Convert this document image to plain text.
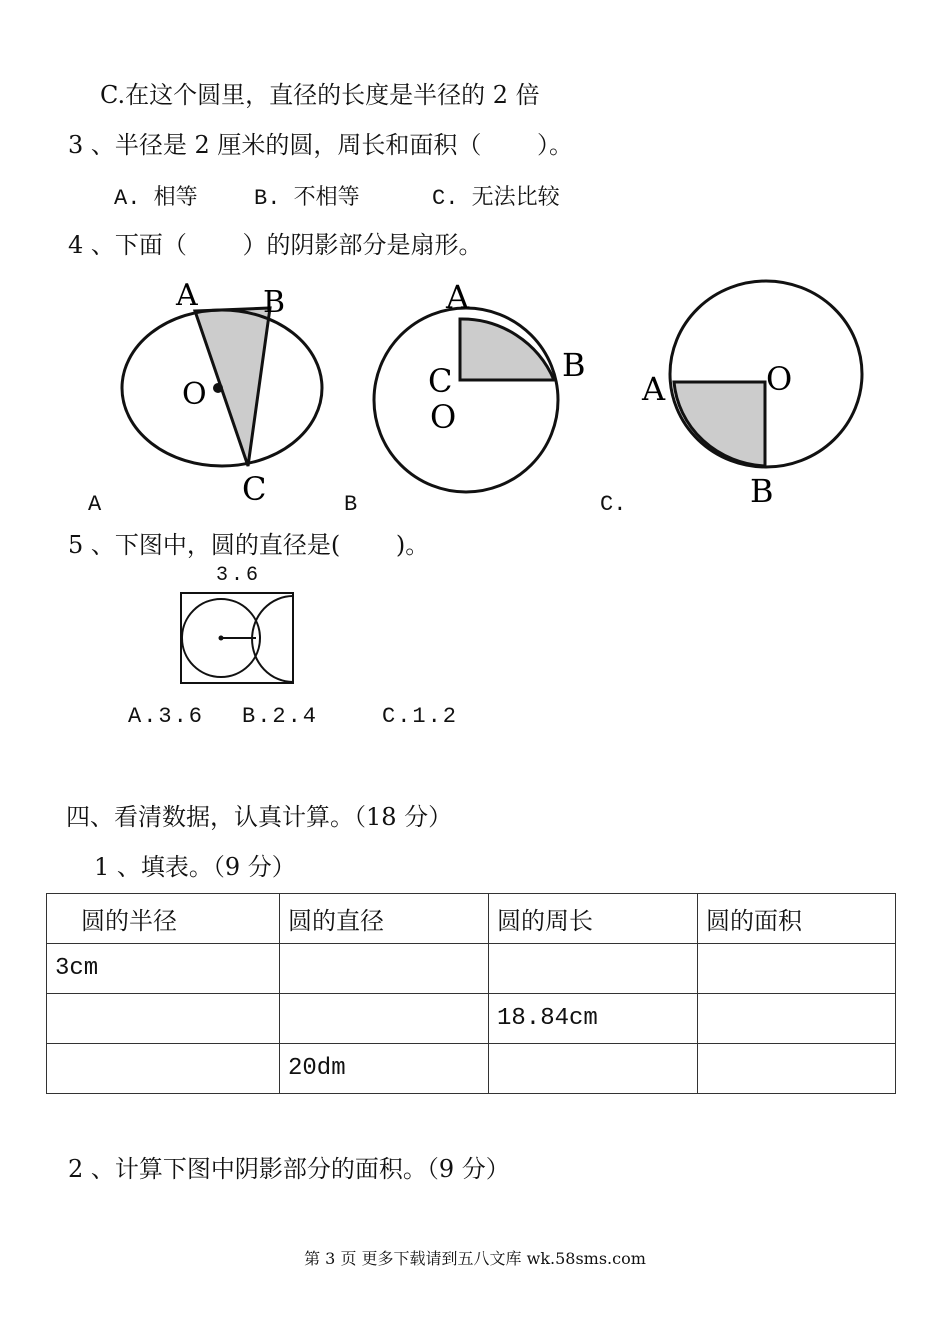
C.在这个圆里，直径的长度是半径的 2 倍
3 、半径是 2 厘米的圆，周长和面积（　　 ）。
A. 相等	B. 不相等	C. 无法比较
4 、下面（　　 ）的阴影部分是扇形。
A B
O
C
A
B
C
O
A	O
B
A	B	C.
5 、下图中，圆的直径是(　　 )。
3.6
A.3.6 B.2.4	C.1.2
四、看清数据，认真计算。（18 分）
1 、填表。（9 分）
圆的半径	圆的直径	圆的周长	圆的面积
3cm			
		18.84cm	
	20dm		
2 、计算下图中阴影部分的面积。（9 分）
第 3 页 更多下载请到五八文库 wk.58sms.com
